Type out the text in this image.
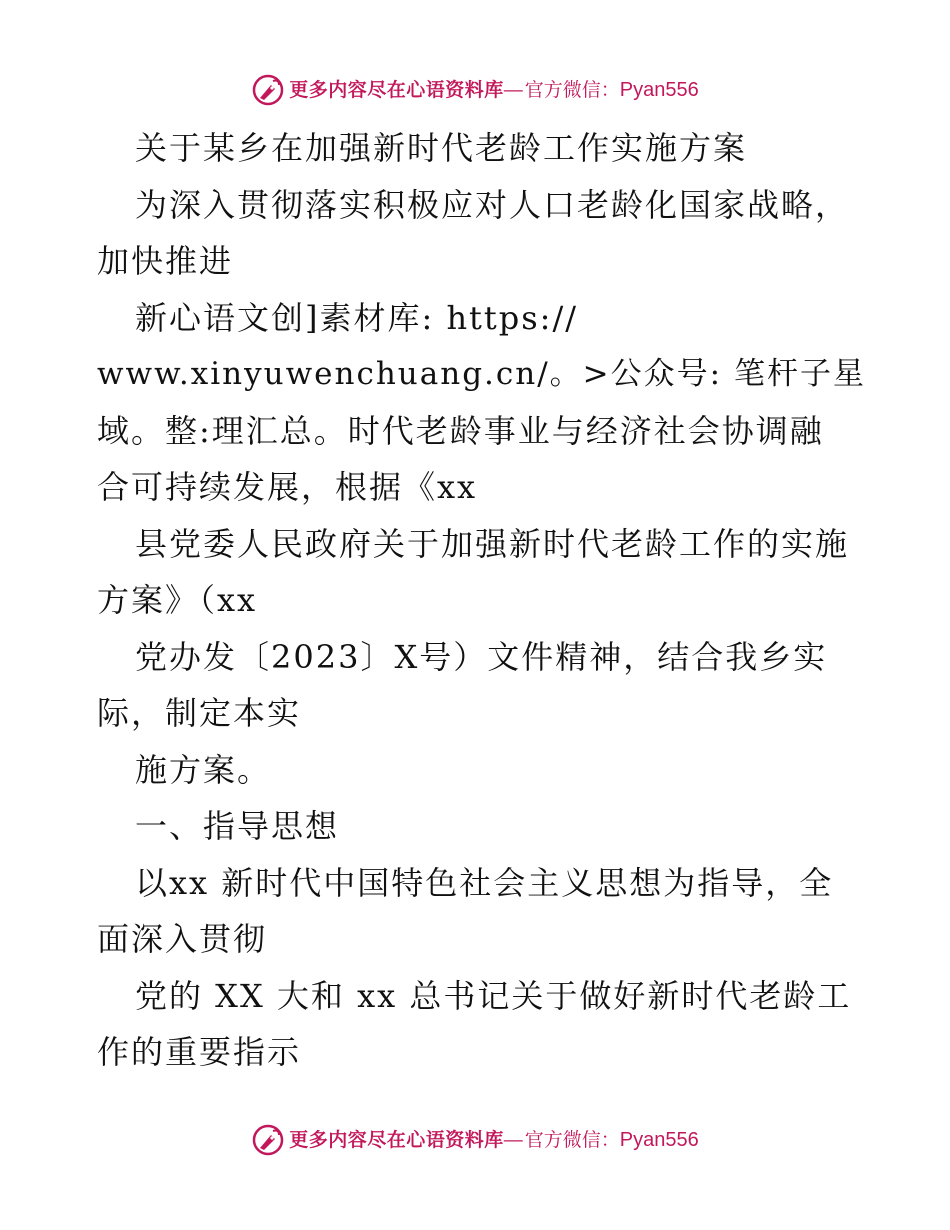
更多内容尽在心语资料库 — 官方微信： Pyan556
关于某乡在加强新时代老龄工作实施方案
为深入贯彻落实积极应对人口老龄化国家战略，
加快推进
新心语文创]素材库: https://
www.xinyuwenchuang.cn/。>公众号: 笔杆子星
域。整:理汇总。时代老龄事业与经济社会协调融
合可持续发展，根据《xx
县党委人民政府关于加强新时代老龄工作的实施
方案》（xx
党办发〔2023〕X号）文件精神，结合我乡实
际，制定本实
施方案。
一、指导思想
以xx 新时代中国特色社会主义思想为指导，全
面深入贯彻
党的 XX 大和 xx 总书记关于做好新时代老龄工
作的重要指示
更多内容尽在心语资料库 — 官方微信： Pyan556
